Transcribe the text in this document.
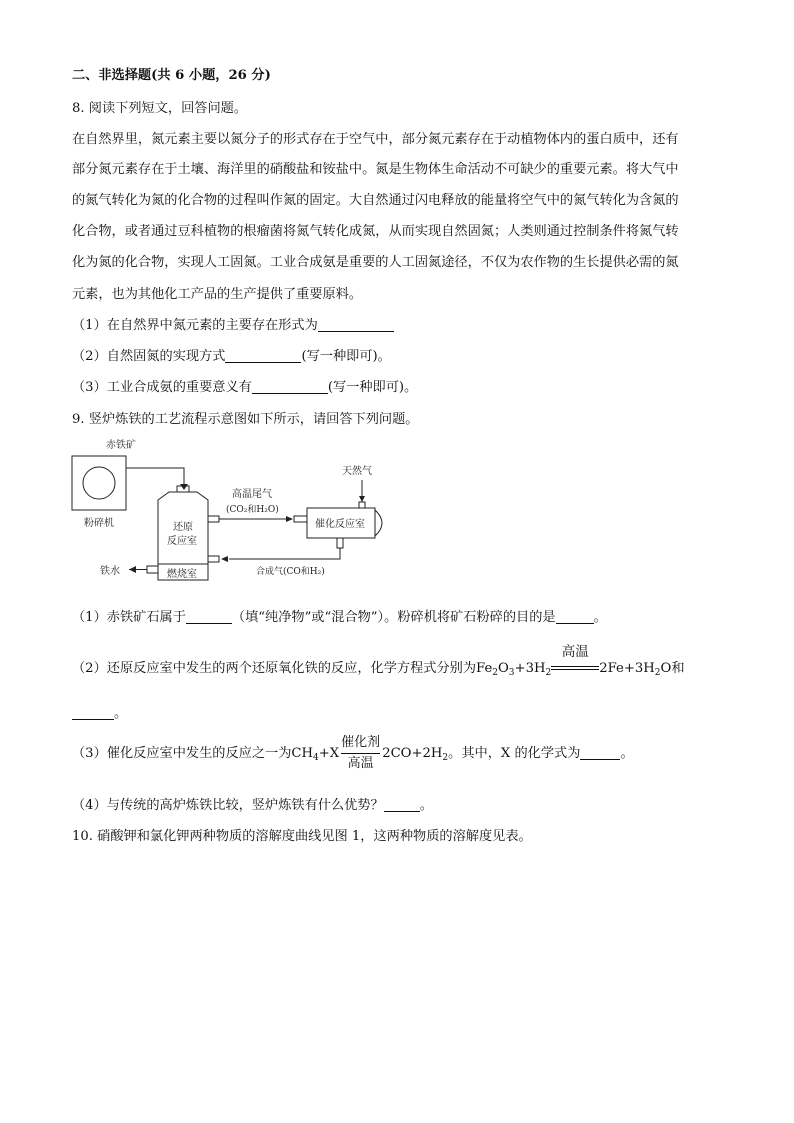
二、非选择题(共 6 小题，26 分)
8. 阅读下列短文，回答问题。
在自然界里，氮元素主要以氮分子的形式存在于空气中，部分氮元素存在于动植物体内的蛋白质中，还有
部分氮元素存在于土壤、海洋里的硝酸盐和铵盐中。氮是生物体生命活动不可缺少的重要元素。将大气中
的氮气转化为氮的化合物的过程叫作氮的固定。大自然通过闪电释放的能量将空气中的氮气转化为含氮的
化合物，或者通过豆科植物的根瘤菌将氮气转化成氮，从而实现自然固氮；人类则通过控制条件将氮气转
化为氮的化合物，实现人工固氮。工业合成氨是重要的人工固氮途径，不仅为农作物的生长提供必需的氮
元素，也为其他化工产品的生产提供了重要原料。
（1）在自然界中氮元素的主要存在形式为
（2）自然固氮的实现方式	(写一种即可)。
（3）工业合成氨的重要意义有	(写一种即可)。
9. 竖炉炼铁的工艺流程示意图如下所示，请回答下列问题。
赤铁矿
粉碎机	还原
反应室
燃烧室
铁水
高温尾气
(CO₂和H₂O)
天然气
催化反应室
合成气(CO和H₂)
（1）赤铁矿石属于	（填“纯净物”或“混合物”）。粉碎机将矿石粉碎的目的是	。
（2）还原反应室中发生的两个还原氧化铁的反应，化学方程式分别为$Fe_2O_3+3H_2$
高温
$2Fe+3H_2O$和
。
（3）催化反应室中发生的反应之一为$CH_4+X \frac{\text{催化剂}}{\text{高温}} 2CO+2H_2$。其中，X 的化学式为	。
（4）与传统的高炉炼铁比较，竖炉炼铁有什么优势？	。
10. 硝酸钾和氯化钾两种物质的溶解度曲线见图 1，这两种物质的溶解度见表。
